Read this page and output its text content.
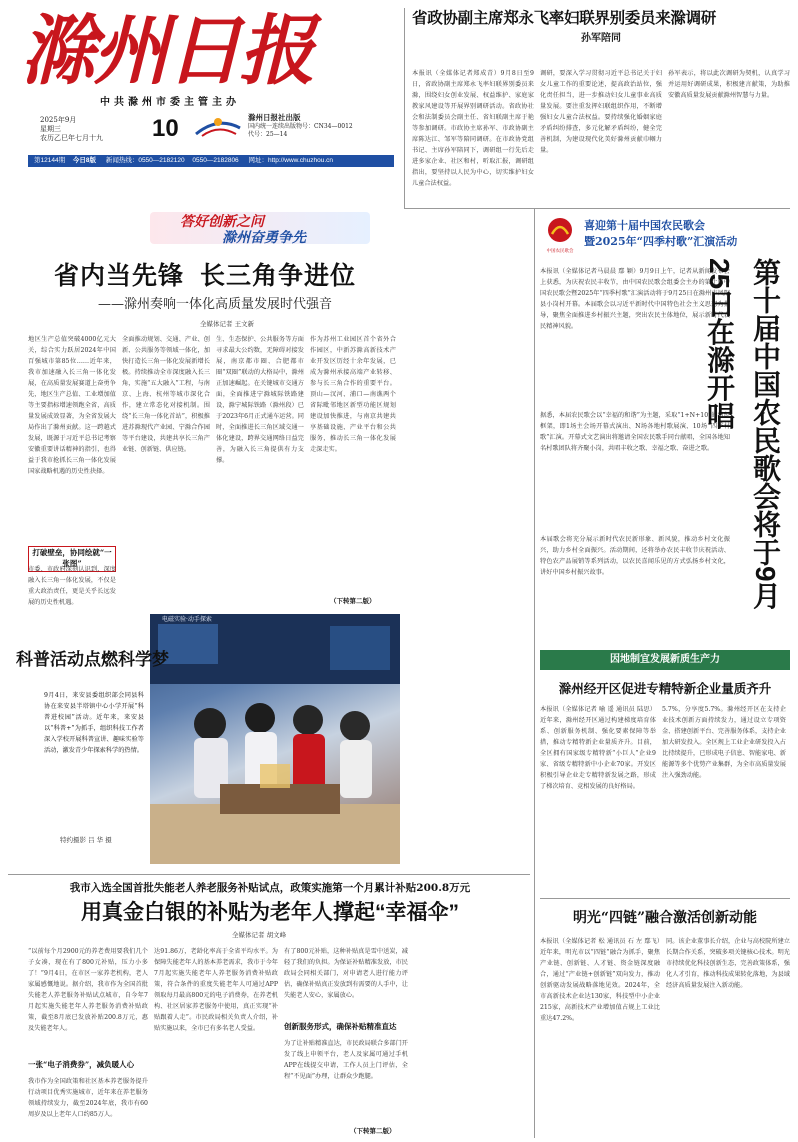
滁州日报
中共滁州市委主管主办
2025年9月
星期三
农历乙巳年七月十九	10	滁州日报社出版
国内统一连续出版物号：CN34—0012
代号：25—14
第12144期 今日8版 新闻热线：0550—2182120 0550—2182806 网址：http://www.chuzhou.cn
省政协副主席郑永飞率妇联界别委员来滁调研
孙军陪同
本报讯（全媒体记者郑成青）9月8日至9日，省政协副主席郑永飞率妇联界别委员来滁，围绕妇女创业发展、权益维护、家庭家教家风建设等开展界别调研活动。省政协社会和法制委员会副主任、省妇联副主席于艳等参加调研。市政协主席孙军、市政协副主席陈达江、邹军等陪同调研。在市政协党组书记、主席孙军陪同下，调研组一行先后走进多家企业、社区和村，听取汇报，调研组指出，要坚持以人民为中心，切实维护妇女儿童合法权益。
调研，要深入学习贯彻习近平总书记关于妇女儿童工作的重要论述，提高政治站位，强化责任担当，进一步推动妇女儿童事业高质量发展。要注重发挥妇联组织作用，不断增强妇女儿童合法权益。要持续强化婚姻家庭矛盾纠纷排查，多元化解矛盾纠纷，健全完善机制，为建设现代化美好滁州贡献巾帼力量。
孙军表示，将以此次调研为契机，认真学习并运用好调研成果，积极建言献策，为助推安徽高质量发展贡献滁州智慧与力量。
答好创新之问
滁州奋勇争先
省内当先锋  长三角争进位
——滁州奏响一体化高质量发展时代强音
全媒体记者 王文新
地区生产总值突破4000亿元大关，综合实力跃居2024年中国百强城市第85位……近年来，我市加速融入长三角一体化发展，在高质量发展赛道上奋勇争先，地区生产总值、工业增加值等主要指标增速领跑全省，高质量发展成效显著，为全省发展大局作出了滁州贡献。这一跨越式发展，既源于习近平总书记考察安徽重要讲话精神的指引，也得益于我市抢抓长三角一体化发展国家战略机遇的历史性抉择。
打破壁垒，协同绘就“一张图”
市委、市政府深刻认识到，深度融入长三角一体化发展，不仅是重大政治责任，更是关乎长远发展的历史性机遇。
全面推动规划、交通、产业、创新、公共服务等领域一体化，加快打造长三角一体化发展新增长极。持续推动全市深度融入长三角，实施“五大融入”工程，与南京、上海、杭州等城市深化合作，建立常态化对接机制。围绕“长三角一体化首站”，积极推进苏滁现代产业园、宁滁合作园等平台建设，共建共享长三角产业链、创新链、供应链。
生、生态保护、公共服务等方面寻求最大公约数，无障碍对接发展，南京都市圈、合肥都市圈“双圈”联动的大格局中，滁州正加速崛起。在关键城市交通方面，全面推进宁滁城际铁路建设，滁宁城际铁路（滁州段）已于2023年6月正式通车运营。同时，全面推进长三角区域交通一体化建设，跨界交通网络日益完善，为融入长三角提供有力支撑。
作为苏州工业园区首个省外合作园区，中新苏滁高新技术产业开发区历经十余年发展，已成为滁州承接高端产业转移、参与长三角合作的重要平台。顶山—汊河、浦口—南谯两个省际毗邻地区新型功能区规划建设加快推进，与南京共建共享基础设施、产业平台和公共服务，推动长三角一体化发展走深走实。
（下转第二版）
电磁实验·动手探索
科普活动点燃科学梦
9月4日，来安县委组织部会同县科协在来安县半塔镇中心小学开展“科普进校园”活动。近年来，来安县以“科普+”为抓手，组织科技工作者深入学校开展科普宣讲、趣味实验等活动，激发青少年探索科学的热情。
特约摄影 吕 华 摄
我市入选全国首批失能老人养老服务补贴试点，政策实施第一个月累计补贴200.8万元
用真金白银的补贴为老年人撑起“幸福伞”
全媒体记者 胡文峰
“以前每个月2900元的养老费用要我们几个子女凑，现在有了800元补贴，压力小多了！”9月4日，在市区一家养老机构，老人家属感慨地说。据介绍，我市作为全国首批失能老人养老服务补贴试点城市，自今年7月起实施失能老年人养老服务消费补贴政策，截至8月底已发放补贴200.8万元，惠及失能老年人。
一张“电子消费券”，减负暖人心
我市作为全国政策和社区基本养老服务提升行动项目优秀实施城市，近年来在养老服务领域持续发力，截至2024年底，我市有60周岁及以上老年人口约85万人。
达91.86万，老龄化率高于全省平均水平。为保障失能老年人的基本养老需求，我市于今年7月起实施失能老年人养老服务消费补贴政策，符合条件的重度失能老年人可通过APP领取每月最高800元的电子消费券，在养老机构、社区居家养老服务中使用，真正实现“补贴跟着人走”。市民政局相关负责人介绍，补贴实施以来，全市已有多名老人受益。
有了800元补贴，这种补贴真是雪中送炭，减轻了我们的负担。为保证补贴精准发放，市民政局会同相关部门，对申请老人进行能力评估，确保补贴真正发放到有需要的人手中，让失能老人安心，家属放心。
创新服务形式，确保补贴精准直达
为了让补贴精准直达，市民政局联合多部门开发了线上申领平台，老人及家属可通过手机APP在线提交申请，工作人员上门评估，全程“不见面”办理，让群众少跑腿。
（下转第二版）
中国农民歌会
喜迎第十届中国农民歌会
暨2025年“四季村歌”汇演活动
本报讯（全媒体记者马晨晨 鄢 颖）9月9日上午，记者从新闻发布会上获悉，为庆祝农民丰收节，由中国农民歌会组委会主办的第十届中国农民歌会暨2025年“四季村歌”汇演活动将于9月25日在滁州市凤阳县小岗村开幕。本届歌会以习近平新时代中国特色社会主义思想为指导，聚焦全面推进乡村振兴主题，突出农民主体地位，展示新时代农民精神风貌。
据悉，本届农民歌会以“幸福的和谐”为主题，采取“1+N+10”的组织框架，即1场主会场开幕式演出、N场各地村歌展演、10场“四季村歌”汇演。开幕式文艺演出将邀请全国农民歌手同台献唱，全国各地知名村歌团队将齐聚小岗，共唱丰收之歌、幸福之歌、奋进之歌。
本届歌会将充分展示新时代农民新形象、新风貌，推动乡村文化振兴，助力乡村全面振兴。活动期间，还将举办农民丰收节庆祝活动、特色农产品展销等系列活动，以农民喜闻乐见的方式弘扬乡村文化，讲好中国乡村振兴故事。	第十届中国农民歌会将于9月25日在滁开唱
因地制宜发展新质生产力
滁州经开区促进专精特新企业量质齐升
本报讯（全媒体记者 喻 遥 通讯员 陆思）近年来，滁州经开区通过构建梯度培育体系、创新服务机制、强化要素保障等举措，推动专精特新企业量质齐升。目前，全区拥有国家级专精特新“小巨人”企业9家、省级专精特新中小企业70家。开发区积极引导企业走专精特新发展之路，形成了梯次培育、竞相发展的良好格局。
5.7%，分享度5.7%。滁州经开区在支持企业技术创新方面持续发力，通过设立专项资金、搭建创新平台、完善服务体系，支持企业加大研发投入。全区规上工业企业研发投入占比持续提升，已形成电子信息、智能家电、新能源等多个优势产业集群，为全市高质量发展注入强劲动能。
明光“四链”融合激活创新动能
本报讯（全媒体记者 松 通讯员 石 左 鄢飞）近年来，明光市以“四链”融合为抓手，聚焦产业链、创新链、人才链、资金链深度融合，通过“产业链+创新链”双向发力，推动创新驱动发展战略落地见效。2024年，全市高新技术企业达130家，科技型中小企业215家，高新技术产业增加值占规上工业比重达47.2%。
同。该企业董事长介绍，企业与高校院所建立长期合作关系，突破多项关键核心技术。明光市持续优化科技创新生态，完善政策体系，强化人才引育，推动科技成果转化落地，为县域经济高质量发展注入新动能。
